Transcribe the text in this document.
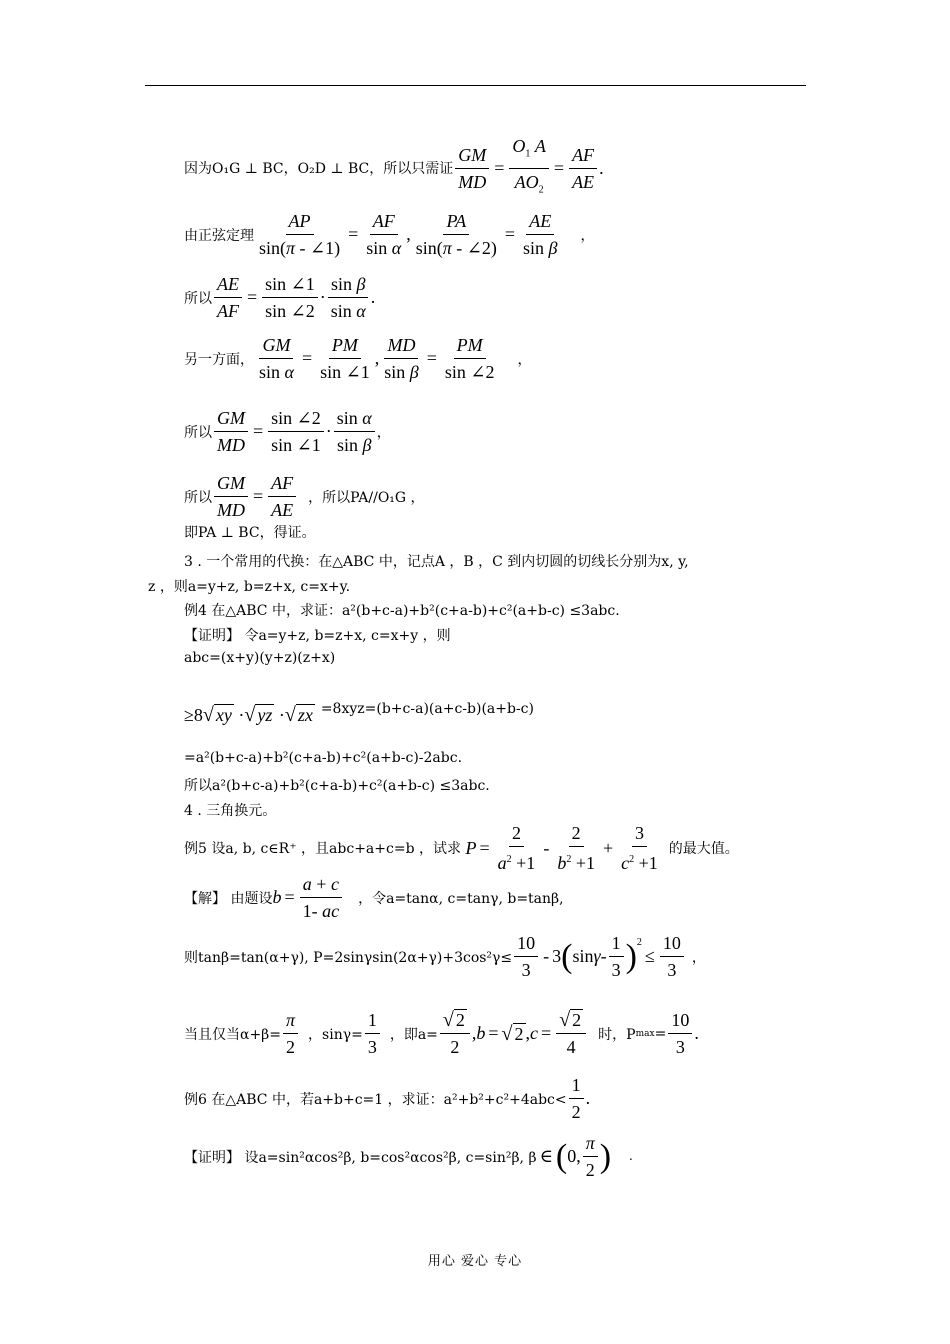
因为O₁G ⊥ BC，O₂D ⊥ BC，所以只需证 $\frac{GM}{MD} = \frac{O_1 A}{AO_2} = \frac{AF}{AE}$ .
由正弦定理 $\frac{AP}{\sin(\pi - \angle 1)} = \frac{AF}{\text{sin α}}$ , $\frac{PA}{\sin(\pi - \angle 2)} = \frac{AE}{\text{sin β}}$ ，
所以 $\frac{AE}{AF} = \frac{\sin \angle 1}{\sin \angle 2} \cdot \frac{\text{sin β}}{\text{sin α}}$ .
另一方面， $\frac{GM}{\text{sin α}} = \frac{PM}{\sin \angle 1}$ , $\frac{MD}{\text{sin β}} = \frac{PM}{\sin \angle 2}$ ，
所以 $\frac{GM}{MD} = \frac{\sin \angle 2}{\sin \angle 1} \cdot \frac{\text{sin α}}{\text{sin β}}$ ，
所以 $\frac{GM}{MD} = \frac{AF}{AE}$ ，所以PA//O₁G ，
即PA ⊥ BC，得证。
3 . 一个常用的代换：在△ABC 中，记点A ，B ，C 到内切圆的切线长分别为x, y,
z ，则a=y+z, b=z+x, c=x+y.
例4 在△ABC 中，求证：a²(b+c-a)+b²(c+a-b)+c²(a+b-c) ≤3abc.
【证明】 令a=y+z, b=z+x, c=x+y ，则
abc=(x+y)(y+z)(z+x)
≥8 √ xy · √ yz · √ zx =8xyz=(b+c-a)(a+c-b)(a+b-c)
=a²(b+c-a)+b²(c+a-b)+c²(a+b-c)-2abc.
所以a²(b+c-a)+b²(c+a-b)+c²(a+b-c) ≤3abc.
4 . 三角换元。
例5 设a, b, c∈R⁺ ，且abc+a+c=b ，试求 $P = \frac{2}{a^2 +1} - \frac{2}{b^2 +1} + \frac{3}{c^2 +1}$ 的最大值。
【解】 由题设 $b = \frac{a + c}{1- ac}$ ，令a=tanα, c=tanγ, b=tanβ,
则tanβ=tan(α+γ), $P=2\sin\gamma\sin(2\alpha+\gamma)+3\cos^2\gamma\le \frac{10}{3} - 3$ ( sin γ - $\frac{1}{3} )^2$
≤ $\frac{10}{3}$ ，
当且仅当$\alpha+\beta= \frac{\pi}{2}$ ，$\sin\gamma= \frac{1}{3}$ ，即$a= \frac{√ 2}{2}$ , b = √ 2 , $c = \frac{√ 2}{4}$ 时，P $\max = \frac{10}{3}$ .
例6 在△ABC 中，若a+b+c=1 ，求证：$a^2+b^2+c^2+4abc< \frac{1}{2}$ .
【证明】 设a=sin²αcos²β, b=cos²αcos²β, c=sin²β, β ∈ ( 0, $\frac{\pi}{2}$ ) .
用心 爱心 专心
